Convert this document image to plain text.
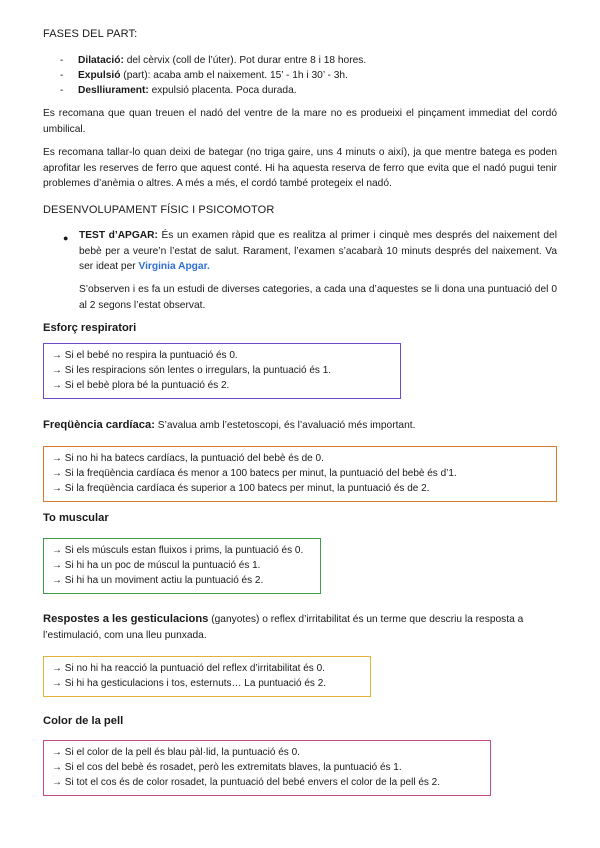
FASES DEL PART:
- Dilatació: del cèrvix (coll de l’úter). Pot durar entre 8 i 18 hores.
- Expulsió (part): acaba amb el naixement. 15’ - 1h i 30’ - 3h.
- Deslliurament: expulsió placenta. Poca durada.

Es recomana que quan treuen el nadó del ventre de la mare no es produeixi el pinçament immediat del cordó umbilical.

Es recomana tallar-lo quan deixi de bategar (no triga gaire, uns 4 minuts o així), ja que mentre batega es poden aprofitar les reserves de ferro que aquest conté. Hi ha aquesta reserva de ferro que evita que el nadó pugui tenir problemes d’anèmia o altres. A més a més, el cordó també protegeix el nadó.

DESENVOLUPAMENT FÍSIC I PSICOMOTOR
● TEST d’APGAR: És un examen ràpid que es realitza al primer i cinquè mes després del naixement del bebè per a veure’n l’estat de salut. Rarament, l’examen s’acabarà 10 minuts després del naixement. Va ser ideat per Virginia Apgar.

S’observen i es fa un estudi de diverses categories, a cada una d’aquestes se li dona una puntuació del 0 al 2 segons l’estat observat.

Esforç respiratori
→ Si el bebé no respira la puntuació és 0.
→ Si les respiracions són lentes o irregulars, la puntuació és 1.
→ Si el bebè plora bé la puntuació és 2.

Freqüència cardíaca: S’avalua amb l’estetoscopi, és l’avaluació més important.

→ Si no hi ha batecs cardíacs, la puntuació del bebè és de 0.
→ Si la freqüència cardíaca és menor a 100 batecs per minut, la puntuació del bebè és d’1.
→ Si la freqüència cardíaca és superior a 100 batecs per minut, la puntuació és de 2.
To muscular
→ Si els músculs estan fluixos i prims, la puntuació és 0.
→ Si hi ha un poc de múscul la puntuació és 1.
→ Si hi ha un moviment actiu la puntuació és 2.

Respostes a les gesticulacions (ganyotes) o reflex d’irritabilitat és un terme que descriu la resposta a l’estimulació, com una lleu punxada.

→ Si no hi ha reacció la puntuació del reflex d’irritabilitat és 0.
→ Si hi ha gesticulacions i tos, esternuts… La puntuació és 2.
Color de la pell
→ Si el color de la pell és blau pàl·lid, la puntuació és 0.
→ Si el cos del bebè és rosadet, però les extremitats blaves, la puntuació és 1.
→ Si tot el cos és de color rosadet, la puntuació del bebé envers el color de la pell és 2.
